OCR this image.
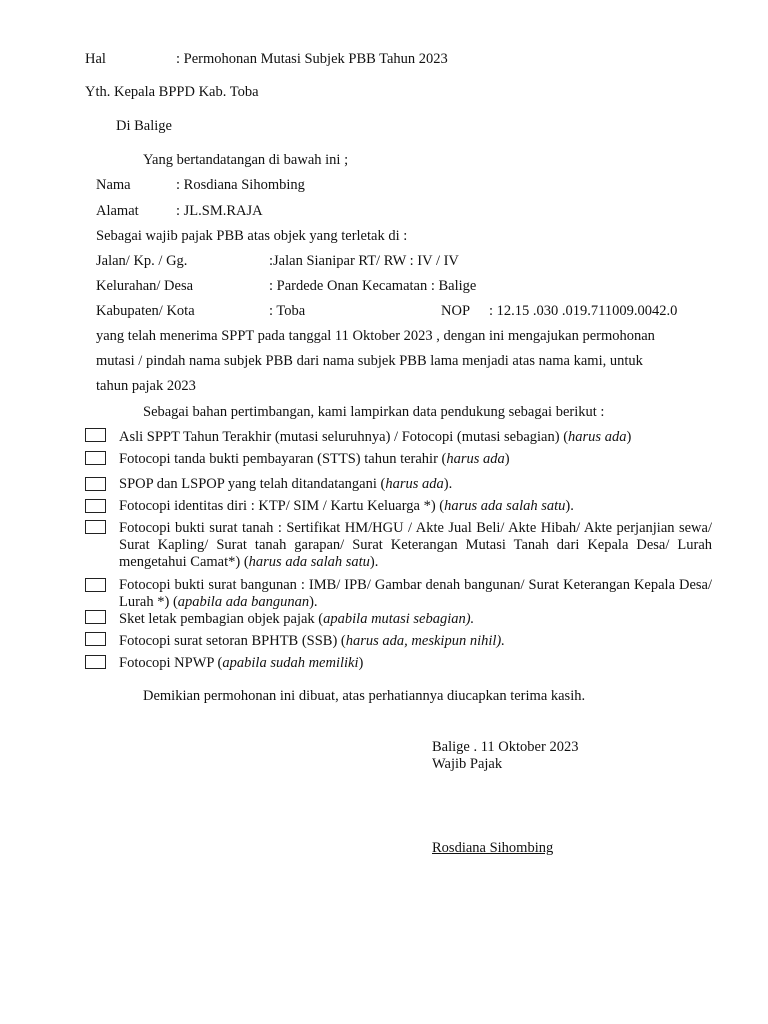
Hal	: Permohonan Mutasi Subjek PBB Tahun 2023
Yth. Kepala BPPD Kab. Toba
Di Balige
Yang bertandatangan di bawah ini ;
Nama	: Rosdiana Sihombing
Alamat	: JL.SM.RAJA
Sebagai wajib pajak PBB atas objek yang terletak di :
Jalan/ Kp. / Gg.	:Jalan Sianipar RT/ RW : IV / IV
Kelurahan/ Desa	: Pardede Onan Kecamatan : Balige
Kabupaten/ Kota	: Toba	NOP : 12.15 .030 .019.711009.0042.0
yang telah menerima SPPT pada tanggal 11 Oktober 2023 , dengan ini mengajukan permohonan
mutasi / pindah nama subjek PBB dari nama subjek PBB lama menjadi atas nama kami, untuk
tahun pajak 2023
Sebagai bahan pertimbangan, kami lampirkan data pendukung sebagai berikut :
Asli SPPT Tahun Terakhir (mutasi seluruhnya) / Fotocopi (mutasi sebagian) (harus ada)
Fotocopi tanda bukti pembayaran (STTS) tahun terahir (harus ada)
SPOP dan LSPOP yang telah ditandatangani (harus ada).
Fotocopi identitas diri : KTP/ SIM / Kartu Keluarga *) (harus ada salah satu).
Fotocopi bukti surat tanah : Sertifikat HM/HGU / Akte Jual Beli/ Akte Hibah/ Akte perjanjian sewa/ Surat Kapling/ Surat tanah garapan/ Surat Keterangan Mutasi Tanah dari Kepala Desa/ Lurah mengetahui Camat*) (harus ada salah satu).
Fotocopi bukti surat bangunan : IMB/ IPB/ Gambar denah bangunan/ Surat Keterangan Kepala Desa/ Lurah *) (apabila ada bangunan).
Sket letak pembagian objek pajak (apabila mutasi sebagian).
Fotocopi surat setoran BPHTB (SSB) (harus ada, meskipun nihil).
Fotocopi NPWP (apabila sudah memiliki)
Demikian permohonan ini dibuat, atas perhatiannya diucapkan terima kasih.
Balige . 11 Oktober 2023
Wajib Pajak
Rosdiana Sihombing
